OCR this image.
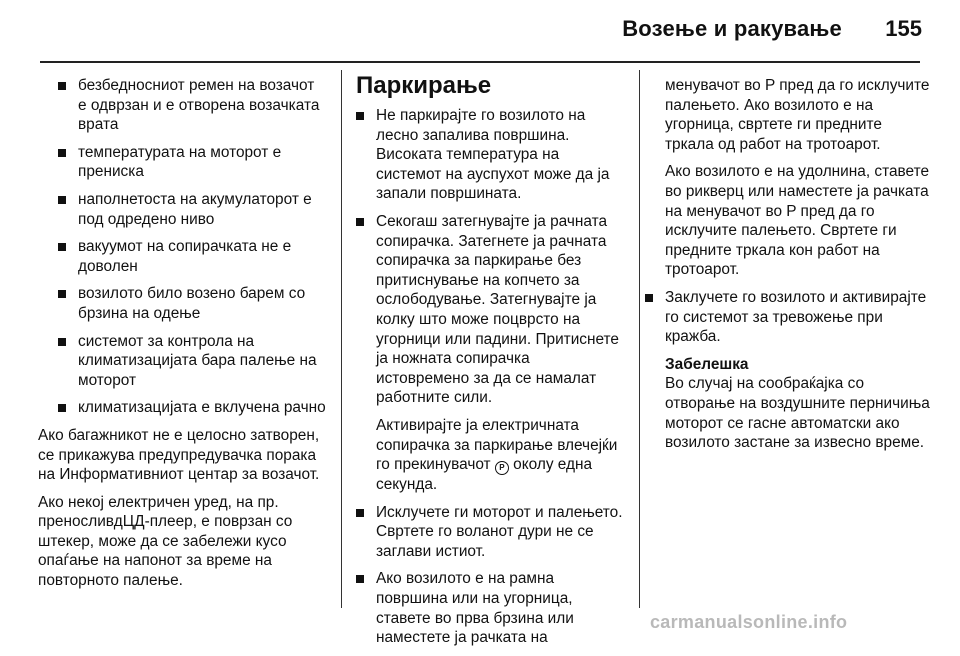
Возење и ракување 155
безбедносниот ремен на возачот е одврзан и е отворена возачката врата
температурата на моторот е прениска
наполнетоста на акумулаторот е под одредено ниво
вакуумот на сопирачката не е доволен
возилото било возено барем со брзина на одење
системот за контрола на климатизацијата бара палење на моторот
климатизацијата е вклучена рачно

Ако багажникот не е целосно затворен, се прикажува предупредувачка порака на Информативниот центар за возачот.

Ако некој електричен уред, на пр. преносливдЦД-плеер, е поврзан со штекер, може да се забележи кусо опаѓање на напонот за време на повторното палење.

Паркирање
Не паркирајте го возилото на лесно запалива површина. Високата температура на системот на ауспухот може да ја запали површината.
Секогаш затегнувајте ја рачната сопирачка. Затегнете ја рачната сопирачка за паркирање без притиснување на копчето за ослободување. Затегнувајте ја колку што може поцврсто на угорници или падини. Притиснете ја ножната сопирачка истовремено за да се намалат работните сили.

Активирајте ја електричната сопирачка за паркирање влечејќи го прекинувачот P околу една секунда.

Исклучете ги моторот и палењето. Свртете го воланот дури не се заглави истиот.
Ако возилото е на рамна површина или на угорница, ставете во прва брзина или наместете ја рачката на

менувачот во P пред да го исклучите палењето. Ако возилото е на угорница, свртете ги предните тркала од работ на тротоарот.

Ако возилото е на удолнина, ставете во рикверц или наместете ја рачката на менувачот во P пред да го исклучите палењето. Свртете ги предните тркала кон работ на тротоарот.

Заклучете го возилото и активирајте го системот за тревожење при кражба.
Забелешка

Во случај на сообраќајка со отворање на воздушните перничиња моторот се гасне автоматски ако возилото застане за извесно време.

carmanualsonline.info
